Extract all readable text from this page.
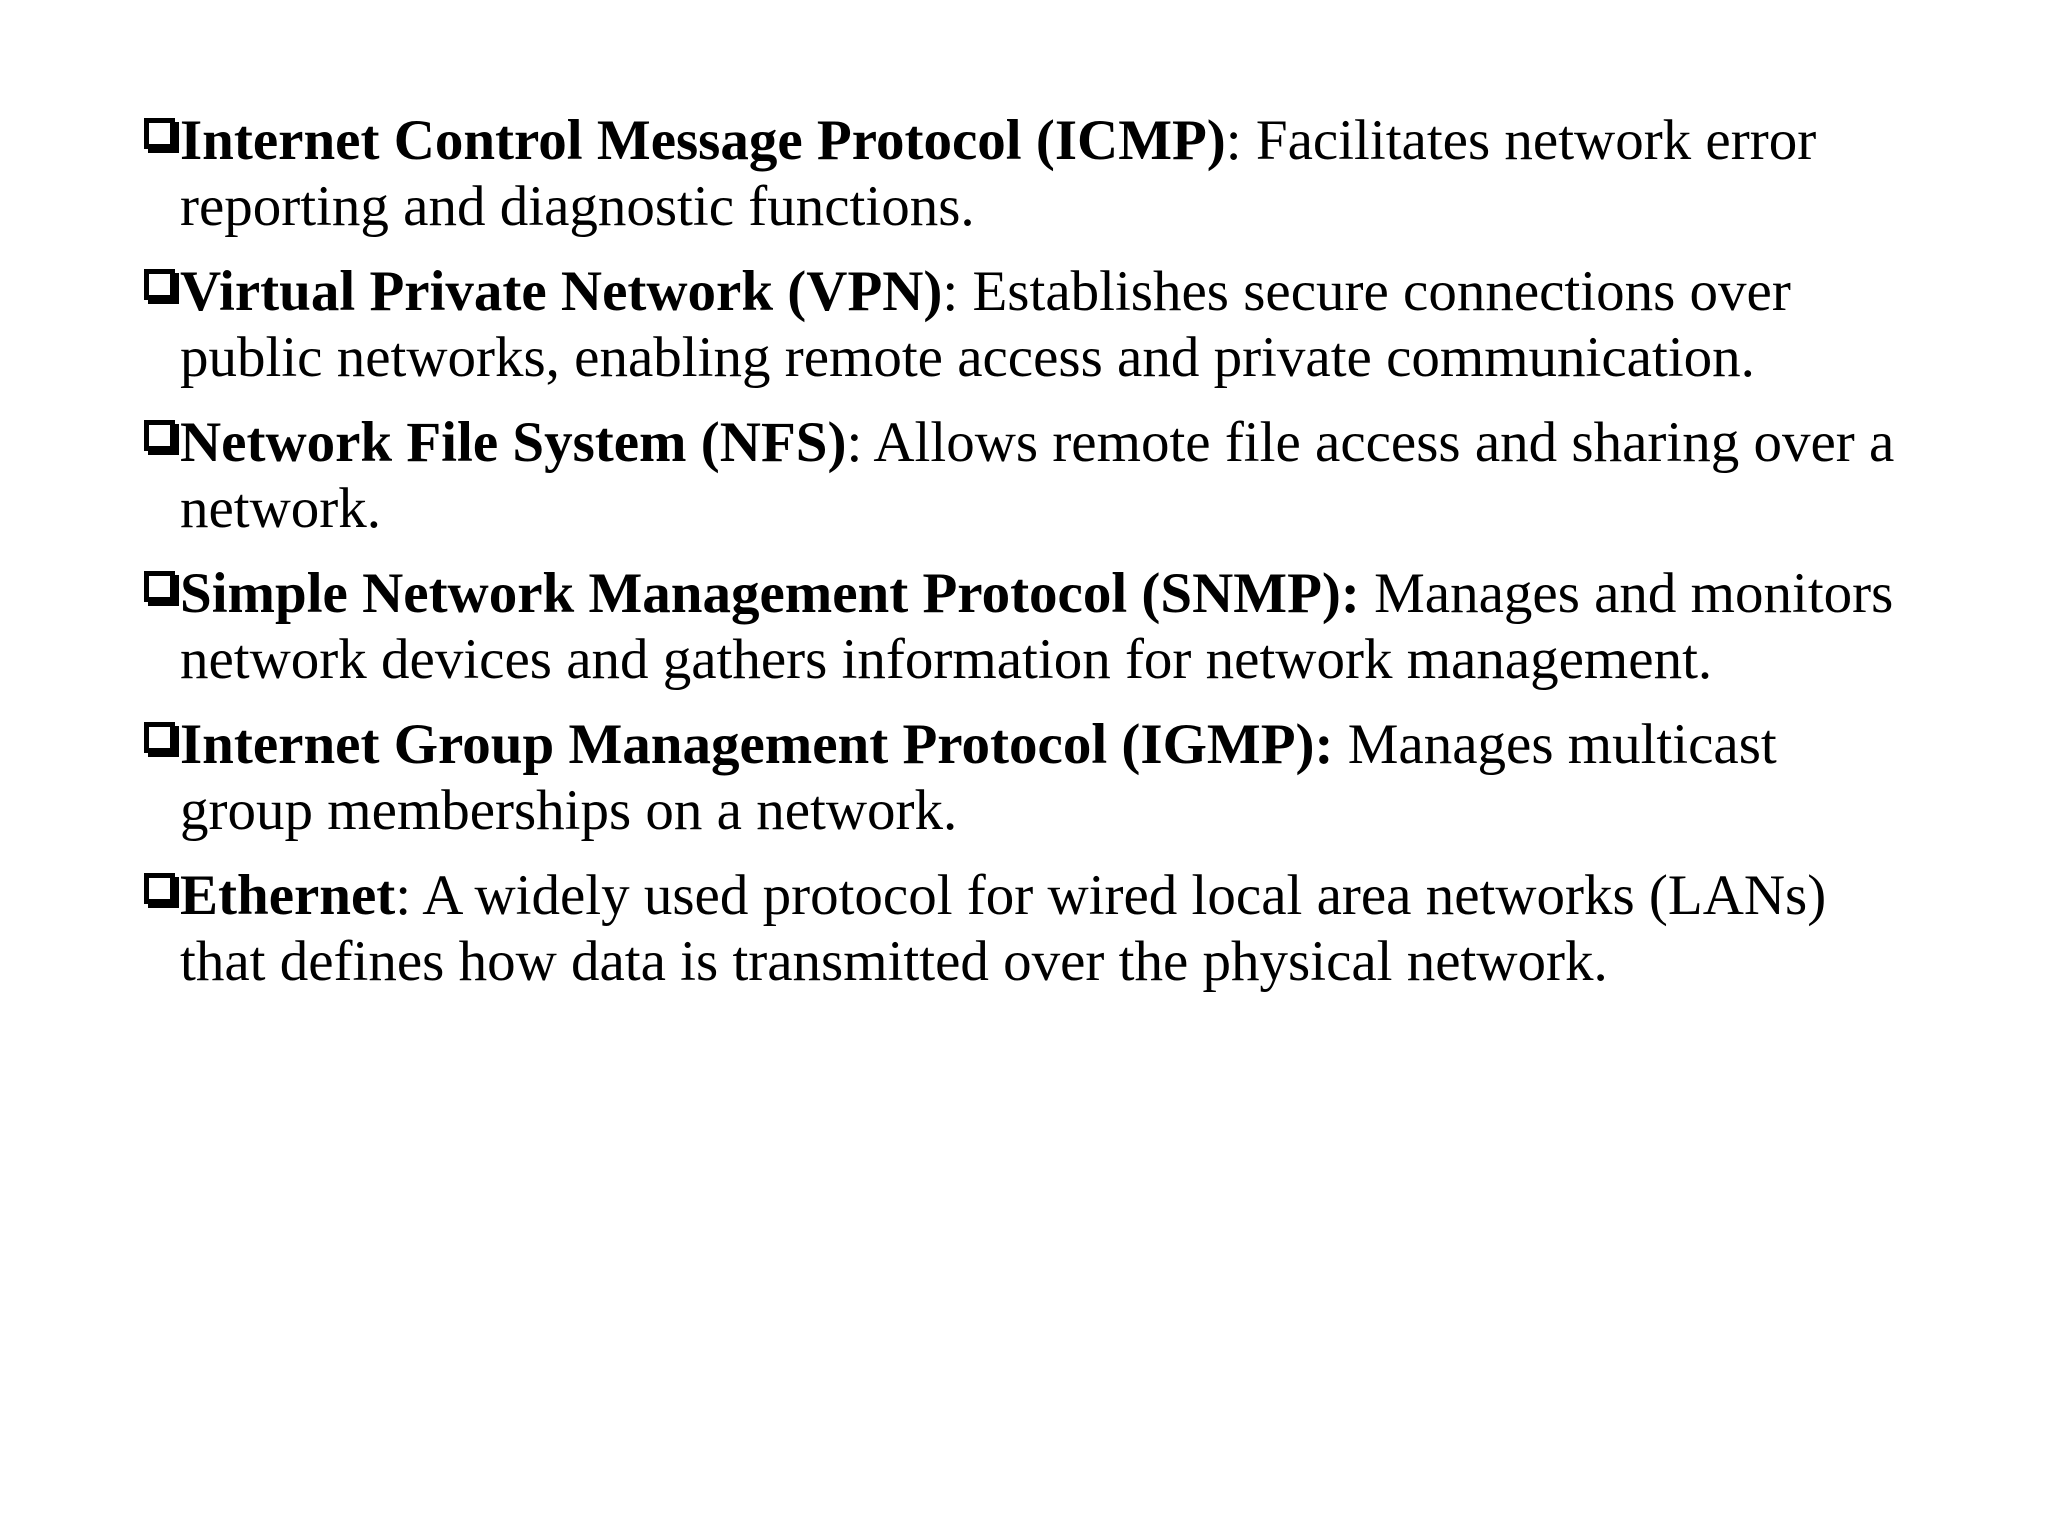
Internet Control Message Protocol (ICMP): Facilitates network error reporting and diagnostic functions.
Virtual Private Network (VPN): Establishes secure connections over public networks, enabling remote access and private communication.
Network File System (NFS): Allows remote file access and sharing over a network.
Simple Network Management Protocol (SNMP): Manages and monitors network devices and gathers information for network management.
Internet Group Management Protocol (IGMP): Manages multicast group memberships on a network.
Ethernet: A widely used protocol for wired local area networks (LANs) that defines how data is transmitted over the physical network.
